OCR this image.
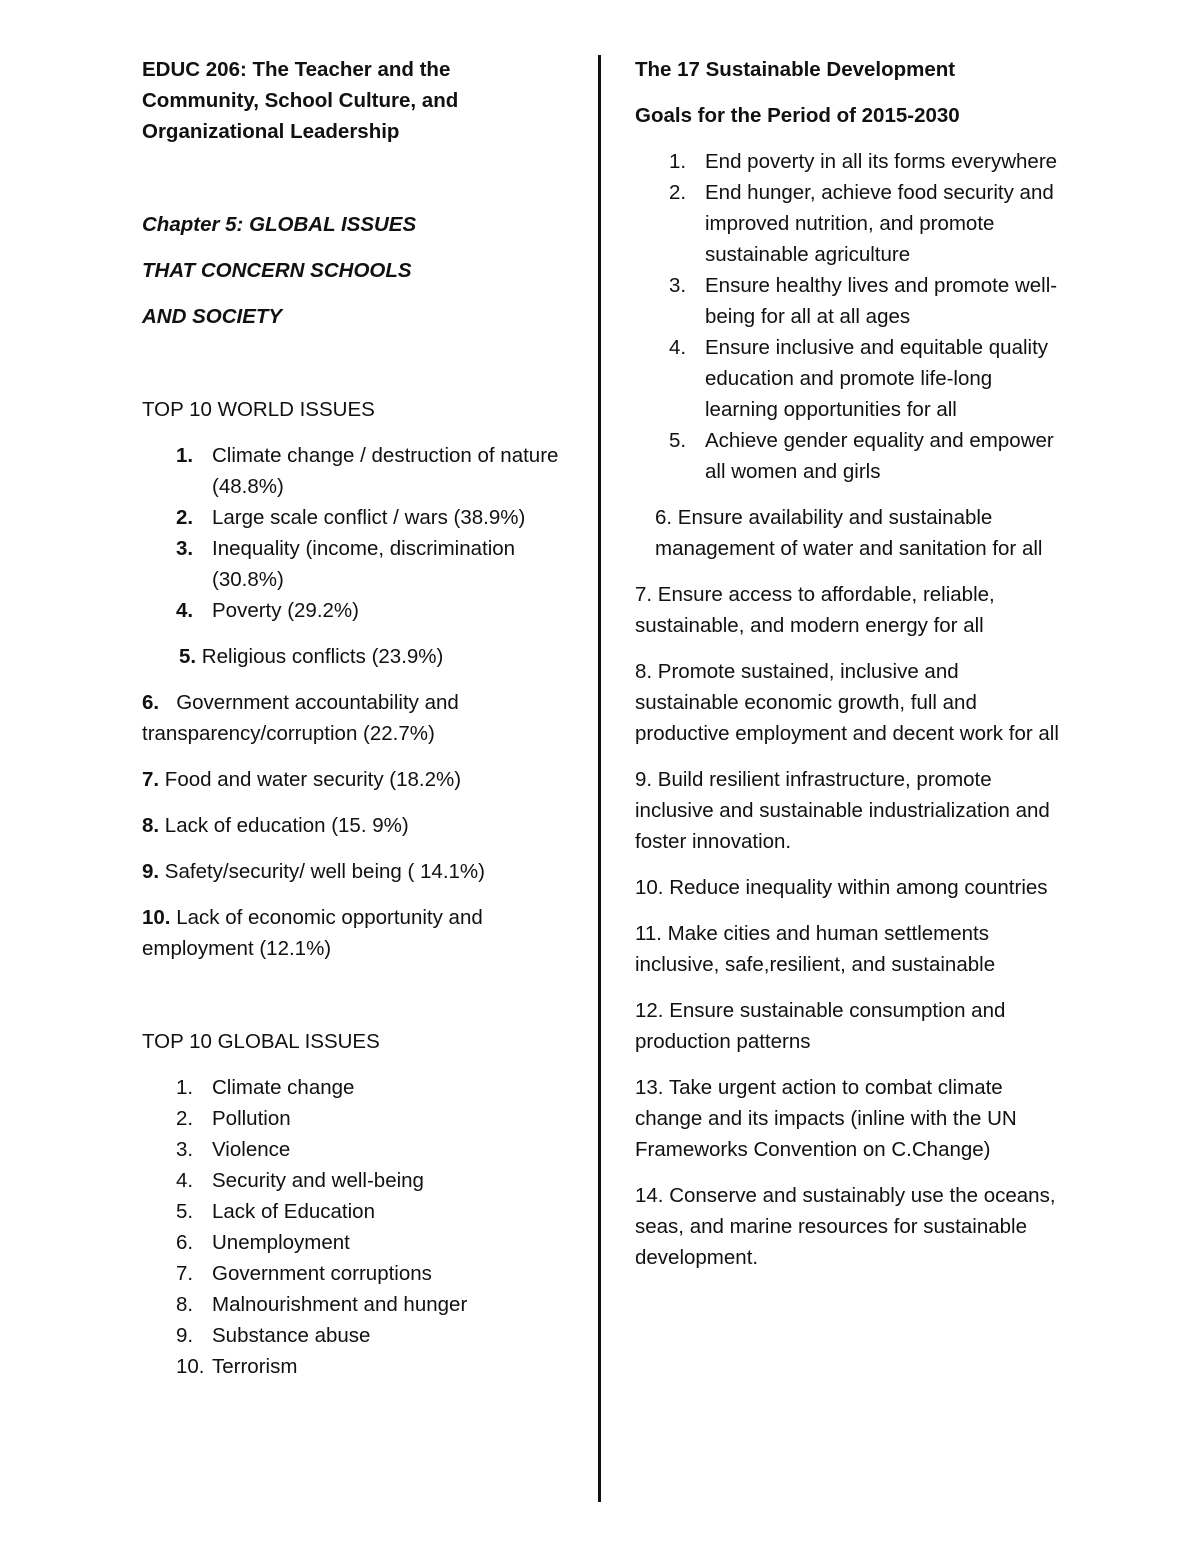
EDUC 206: The Teacher and the

Community, School Culture, and

Organizational Leadership

Chapter 5: GLOBAL ISSUES

THAT CONCERN SCHOOLS

AND SOCIETY

TOP 10 WORLD ISSUES

1. Climate change / destruction of nature (48.8%)
2. Large scale conflict / wars (38.9%)
3. Inequality (income, discrimination (30.8%)
4. Poverty (29.2%)

5. Religious conflicts (23.9%)

6.   Government accountability and transparency/corruption (22.7%)

7. Food and water security (18.2%)

8. Lack of education (15. 9%)

9. Safety/security/ well being ( 14.1%)

10. Lack of economic opportunity and employment (12.1%)

TOP 10 GLOBAL ISSUES

1. Climate change
2. Pollution
3. Violence
4. Security and well-being
5. Lack of Education
6. Unemployment
7. Government corruptions
8. Malnourishment and hunger
9. Substance abuse
10. Terrorism

The 17 Sustainable Development

Goals for the Period of 2015-2030

1. End poverty in all its forms everywhere
2. End hunger, achieve food security and improved nutrition, and promote sustainable agriculture
3. Ensure healthy lives and promote well-being for all at all ages
4. Ensure inclusive and equitable quality education and promote life-long learning opportunities for all
5. Achieve gender equality and empower all women and girls

6. Ensure availability and sustainable management of water and sanitation for all

7. Ensure access to affordable, reliable, sustainable, and modern energy for all

8. Promote sustained, inclusive and sustainable economic growth, full and productive employment and decent work for all

9. Build resilient infrastructure, promote inclusive and sustainable industrialization and foster innovation.

10. Reduce inequality within among countries

11. Make cities and human settlements inclusive, safe,resilient, and sustainable

12. Ensure sustainable consumption and production patterns

13. Take urgent action to combat climate change and its impacts (inline with the UN Frameworks Convention on C.Change)

14. Conserve and sustainably use the oceans, seas, and marine resources for sustainable development.
